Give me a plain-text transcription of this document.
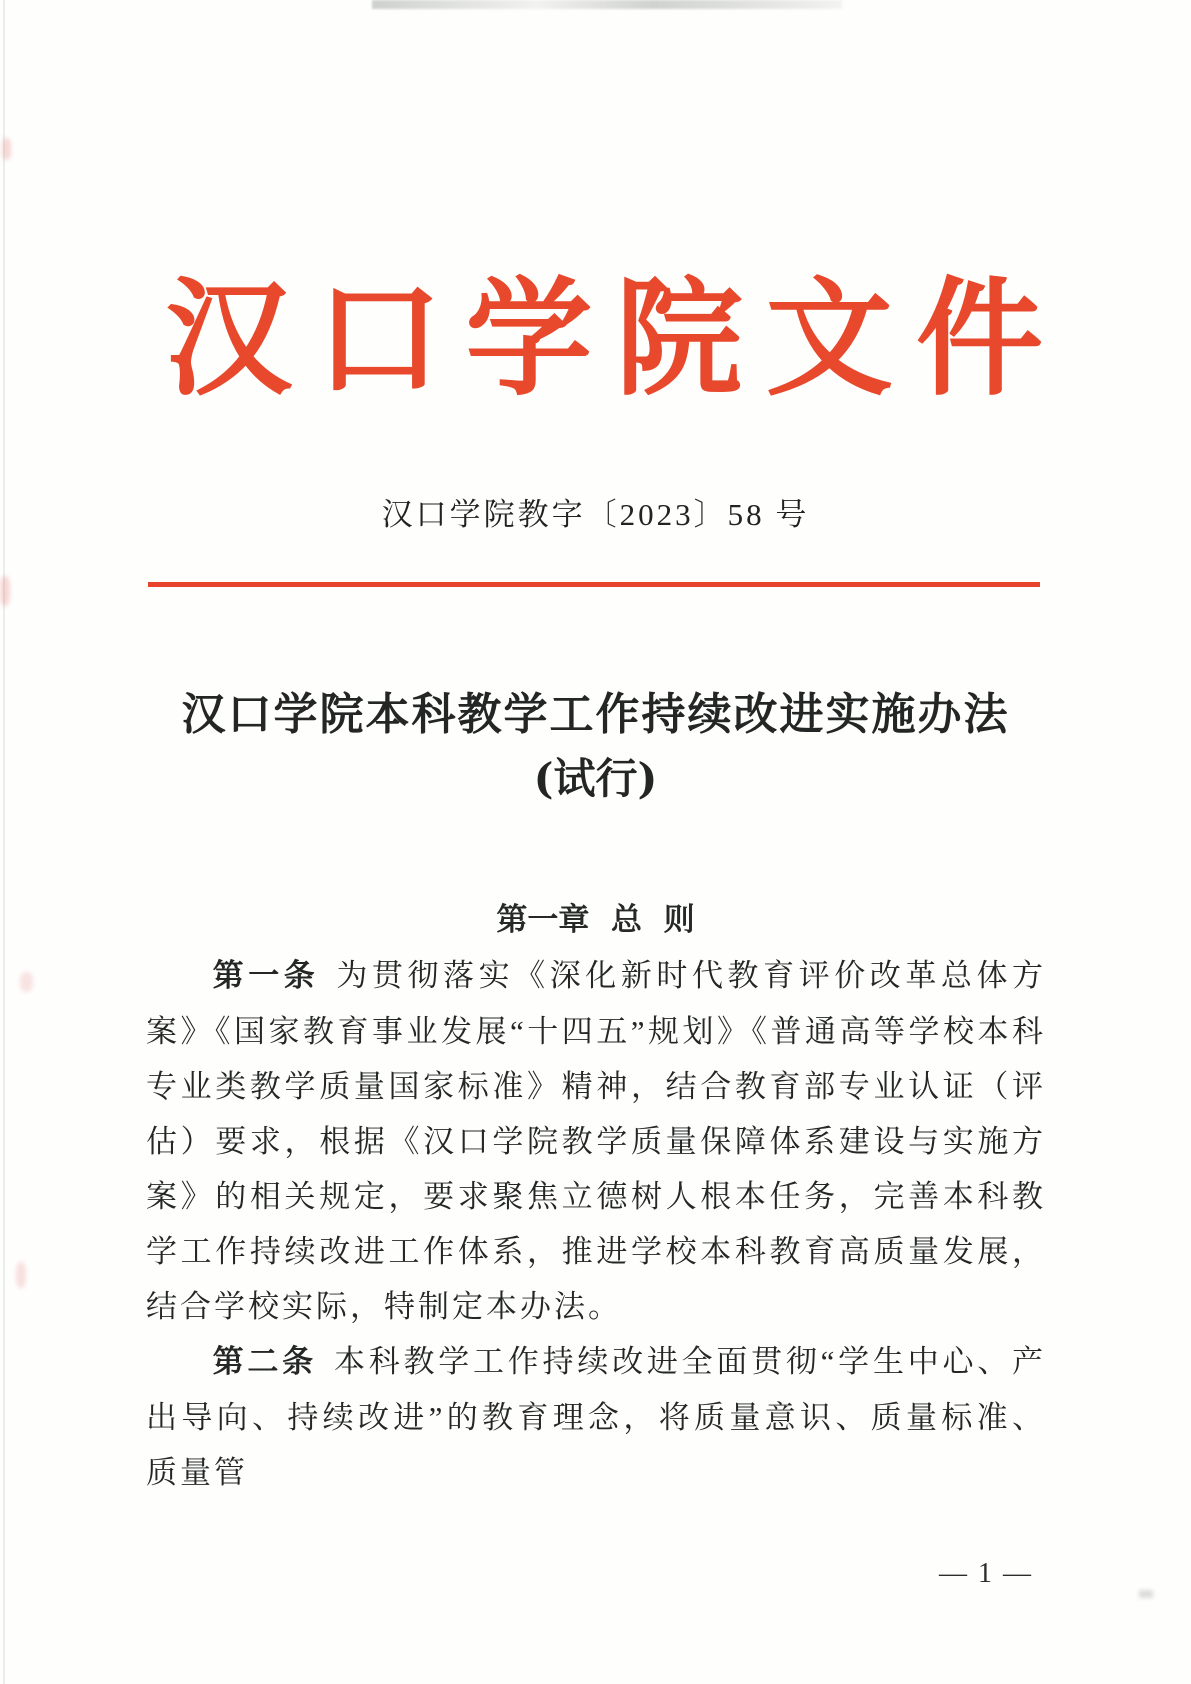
汉 口 学 院 文 件
汉口学院教字〔2023〕58 号
汉口学院本科教学工作持续改进实施办法
(试行)
第一章  总  则

第一条 为贯彻落实《深化新时代教育评价改革总体方案》《国家教育事业发展“十四五”规划》《普通高等学校本科专业类教学质量国家标准》精神，结合教育部专业认证（评估）要求，根据《汉口学院教学质量保障体系建设与实施方案》的相关规定，要求聚焦立德树人根本任务，完善本科教学工作持续改进工作体系，推进学校本科教育高质量发展，结合学校实际，特制定本办法。

第二条 本科教学工作持续改进全面贯彻“学生中心、产出导向、持续改进”的教育理念，将质量意识、质量标准、质量管

— 1 —
